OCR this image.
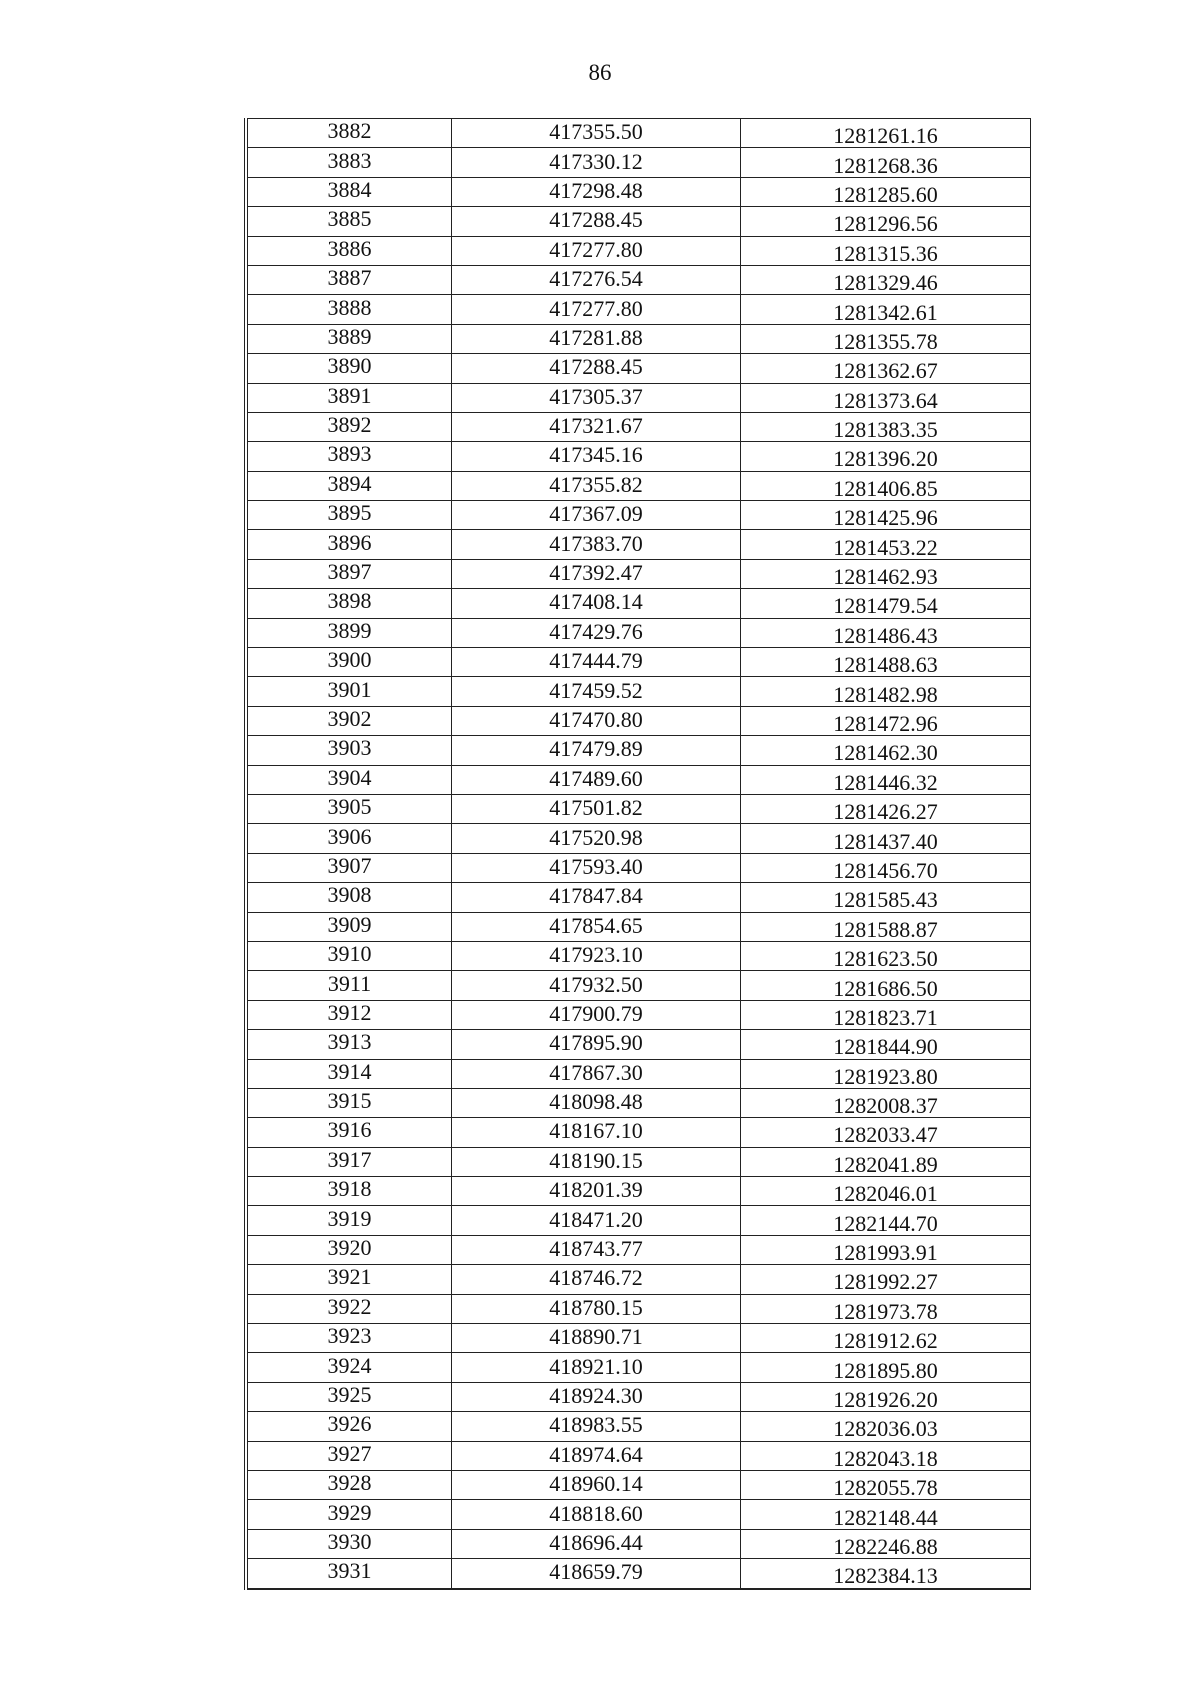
86
3882	417355.50	1281261.16
3883	417330.12	1281268.36
3884	417298.48	1281285.60
3885	417288.45	1281296.56
3886	417277.80	1281315.36
3887	417276.54	1281329.46
3888	417277.80	1281342.61
3889	417281.88	1281355.78
3890	417288.45	1281362.67
3891	417305.37	1281373.64
3892	417321.67	1281383.35
3893	417345.16	1281396.20
3894	417355.82	1281406.85
3895	417367.09	1281425.96
3896	417383.70	1281453.22
3897	417392.47	1281462.93
3898	417408.14	1281479.54
3899	417429.76	1281486.43
3900	417444.79	1281488.63
3901	417459.52	1281482.98
3902	417470.80	1281472.96
3903	417479.89	1281462.30
3904	417489.60	1281446.32
3905	417501.82	1281426.27
3906	417520.98	1281437.40
3907	417593.40	1281456.70
3908	417847.84	1281585.43
3909	417854.65	1281588.87
3910	417923.10	1281623.50
3911	417932.50	1281686.50
3912	417900.79	1281823.71
3913	417895.90	1281844.90
3914	417867.30	1281923.80
3915	418098.48	1282008.37
3916	418167.10	1282033.47
3917	418190.15	1282041.89
3918	418201.39	1282046.01
3919	418471.20	1282144.70
3920	418743.77	1281993.91
3921	418746.72	1281992.27
3922	418780.15	1281973.78
3923	418890.71	1281912.62
3924	418921.10	1281895.80
3925	418924.30	1281926.20
3926	418983.55	1282036.03
3927	418974.64	1282043.18
3928	418960.14	1282055.78
3929	418818.60	1282148.44
3930	418696.44	1282246.88
3931	418659.79	1282384.13
